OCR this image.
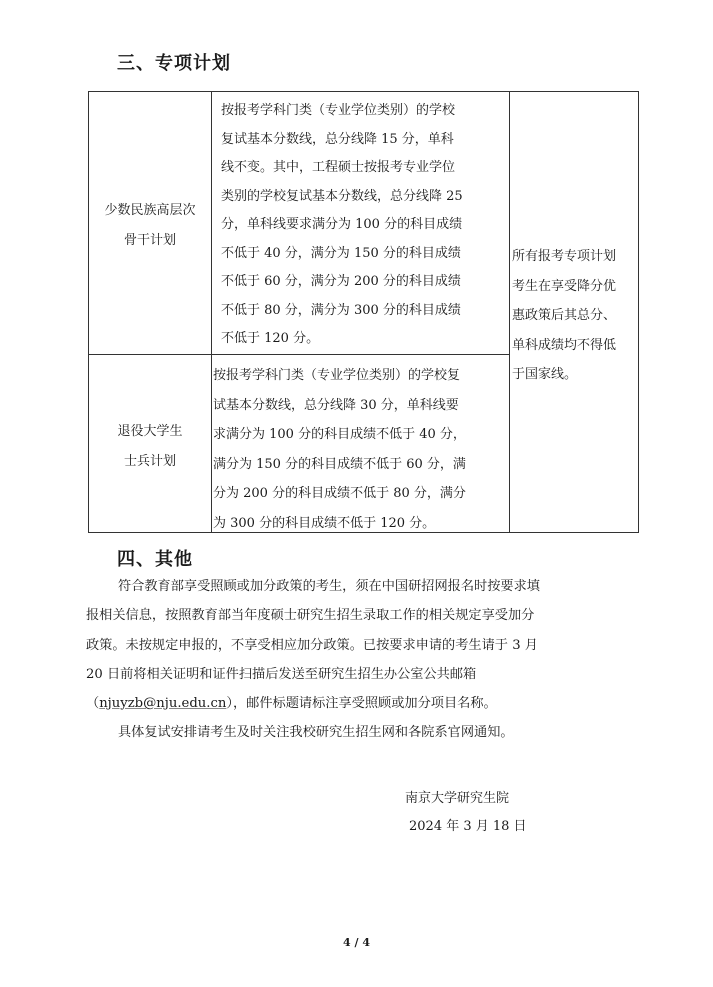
三、专项计划
少数民族高层次
骨干计划
按报考学科门类（专业学位类别）的学校
复试基本分数线，总分线降 15 分，单科
线不变。其中，工程硕士按报考专业学位
类别的学校复试基本分数线，总分线降 25
分，单科线要求满分为 100 分的科目成绩
不低于 40 分，满分为 150 分的科目成绩
不低于 60 分，满分为 200 分的科目成绩
不低于 80 分，满分为 300 分的科目成绩
不低于 120 分。
退役大学生
士兵计划
按报考学科门类（专业学位类别）的学校复
试基本分数线，总分线降 30 分，单科线要
求满分为 100 分的科目成绩不低于 40 分，
满分为 150 分的科目成绩不低于 60 分，满
分为 200 分的科目成绩不低于 80 分，满分
为 300 分的科目成绩不低于 120 分。
所有报考专项计划
考生在享受降分优
惠政策后其总分、
单科成绩均不得低
于国家线。
四、其他
符合教育部享受照顾或加分政策的考生，须在中国研招网报名时按要求填
报相关信息，按照教育部当年度硕士研究生招生录取工作的相关规定享受加分
政策。未按规定申报的，不享受相应加分政策。已按要求申请的考生请于 3 月
20 日前将相关证明和证件扫描后发送至研究生招生办公室公共邮箱
（njuyzb@nju.edu.cn），邮件标题请标注享受照顾或加分项目名称。
具体复试安排请考生及时关注我校研究生招生网和各院系官网通知。
南京大学研究生院
2024 年 3 月 18 日
4 / 4
